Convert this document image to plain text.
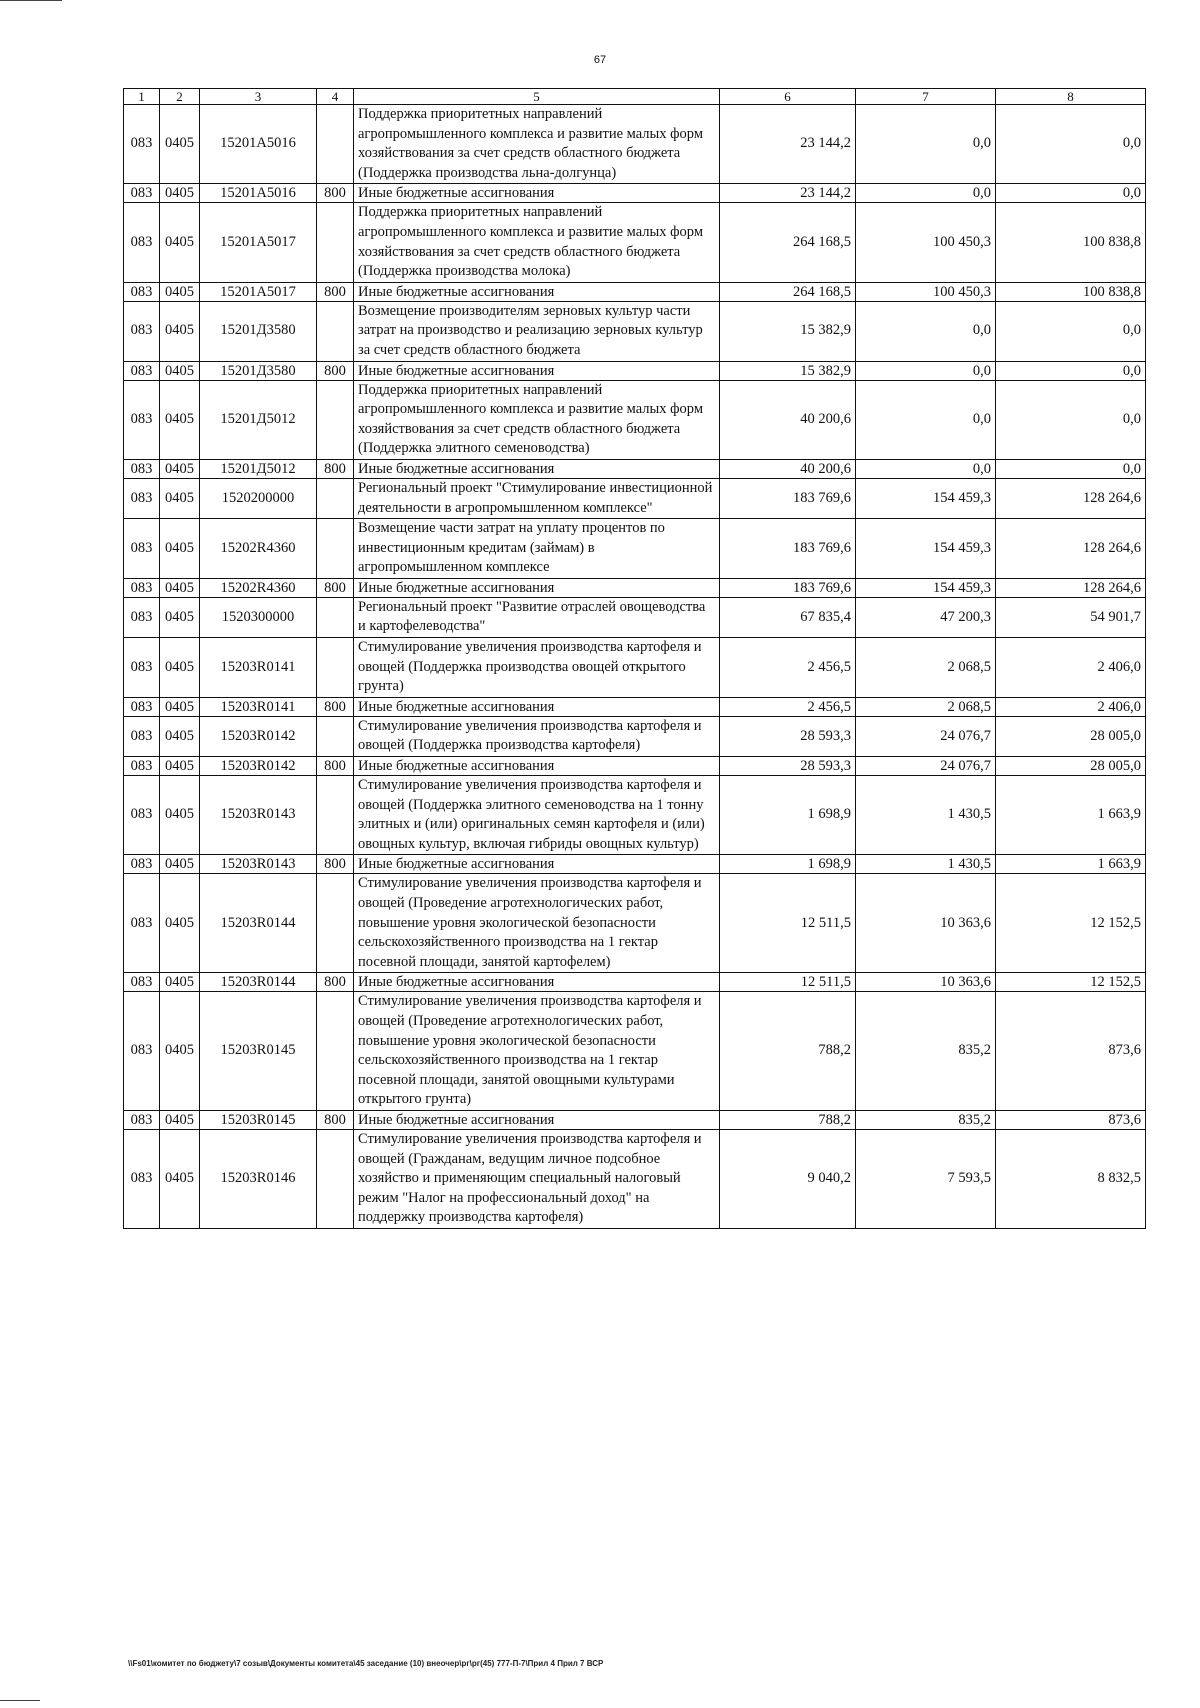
67
1	2	3	4	5	6	7	8
083	0405	15201A5016		Поддержка приоритетных направлений агропромышленного комплекса и развитие малых форм хозяйствования за счет средств областного бюджета (Поддержка производства льна-долгунца)	23 144,2	0,0	0,0
083	0405	15201A5016	800	Иные бюджетные ассигнования	23 144,2	0,0	0,0
083	0405	15201A5017		Поддержка приоритетных направлений агропромышленного комплекса и развитие малых форм хозяйствования за счет средств областного бюджета (Поддержка производства молока)	264 168,5	100 450,3	100 838,8
083	0405	15201A5017	800	Иные бюджетные ассигнования	264 168,5	100 450,3	100 838,8
083	0405	15201Д3580		Возмещение производителям зерновых культур части затрат на производство и реализацию зерновых культур за счет средств областного бюджета	15 382,9	0,0	0,0
083	0405	15201Д3580	800	Иные бюджетные ассигнования	15 382,9	0,0	0,0
083	0405	15201Д5012		Поддержка приоритетных направлений агропромышленного комплекса и развитие малых форм хозяйствования за счет средств областного бюджета (Поддержка элитного семеноводства)	40 200,6	0,0	0,0
083	0405	15201Д5012	800	Иные бюджетные ассигнования	40 200,6	0,0	0,0
083	0405	1520200000		Региональный проект "Стимулирование инвестиционной деятельности в агропромышленном комплексе"	183 769,6	154 459,3	128 264,6
083	0405	15202R4360		Возмещение части затрат на уплату процентов по инвестиционным кредитам (займам) в агропромышленном комплексе	183 769,6	154 459,3	128 264,6
083	0405	15202R4360	800	Иные бюджетные ассигнования	183 769,6	154 459,3	128 264,6
083	0405	1520300000		Региональный проект "Развитие отраслей овощеводства и картофелеводства"	67 835,4	47 200,3	54 901,7
083	0405	15203R0141		Стимулирование увеличения производства картофеля и овощей (Поддержка производства овощей открытого грунта)	2 456,5	2 068,5	2 406,0
083	0405	15203R0141	800	Иные бюджетные ассигнования	2 456,5	2 068,5	2 406,0
083	0405	15203R0142		Стимулирование увеличения производства картофеля и овощей (Поддержка производства картофеля)	28 593,3	24 076,7	28 005,0
083	0405	15203R0142	800	Иные бюджетные ассигнования	28 593,3	24 076,7	28 005,0
083	0405	15203R0143		Стимулирование увеличения производства картофеля и овощей (Поддержка элитного семеноводства на 1 тонну элитных и (или) оригинальных семян картофеля и (или) овощных культур, включая гибриды овощных культур)	1 698,9	1 430,5	1 663,9
083	0405	15203R0143	800	Иные бюджетные ассигнования	1 698,9	1 430,5	1 663,9
083	0405	15203R0144		Стимулирование увеличения производства картофеля и овощей (Проведение агротехнологических работ, повышение уровня экологической безопасности сельскохозяйственного производства на 1 гектар посевной площади, занятой картофелем)	12 511,5	10 363,6	12 152,5
083	0405	15203R0144	800	Иные бюджетные ассигнования	12 511,5	10 363,6	12 152,5
083	0405	15203R0145		Стимулирование увеличения производства картофеля и овощей (Проведение агротехнологических работ, повышение уровня экологической безопасности сельскохозяйственного производства на 1 гектар посевной площади, занятой овощными культурами открытого грунта)	788,2	835,2	873,6
083	0405	15203R0145	800	Иные бюджетные ассигнования	788,2	835,2	873,6
083	0405	15203R0146		Стимулирование увеличения производства картофеля и овощей (Гражданам, ведущим личное подсобное хозяйство и применяющим специальный налоговый режим "Налог на профессиональный доход" на поддержку производства картофеля)	9 040,2	7 593,5	8 832,5
\\Fs01\комитет по бюджету\7 созыв\Документы комитета\45 заседание (10) внеочер\рг\рг(45) 777-П-7\Прил 4 Прил 7 ВСР
